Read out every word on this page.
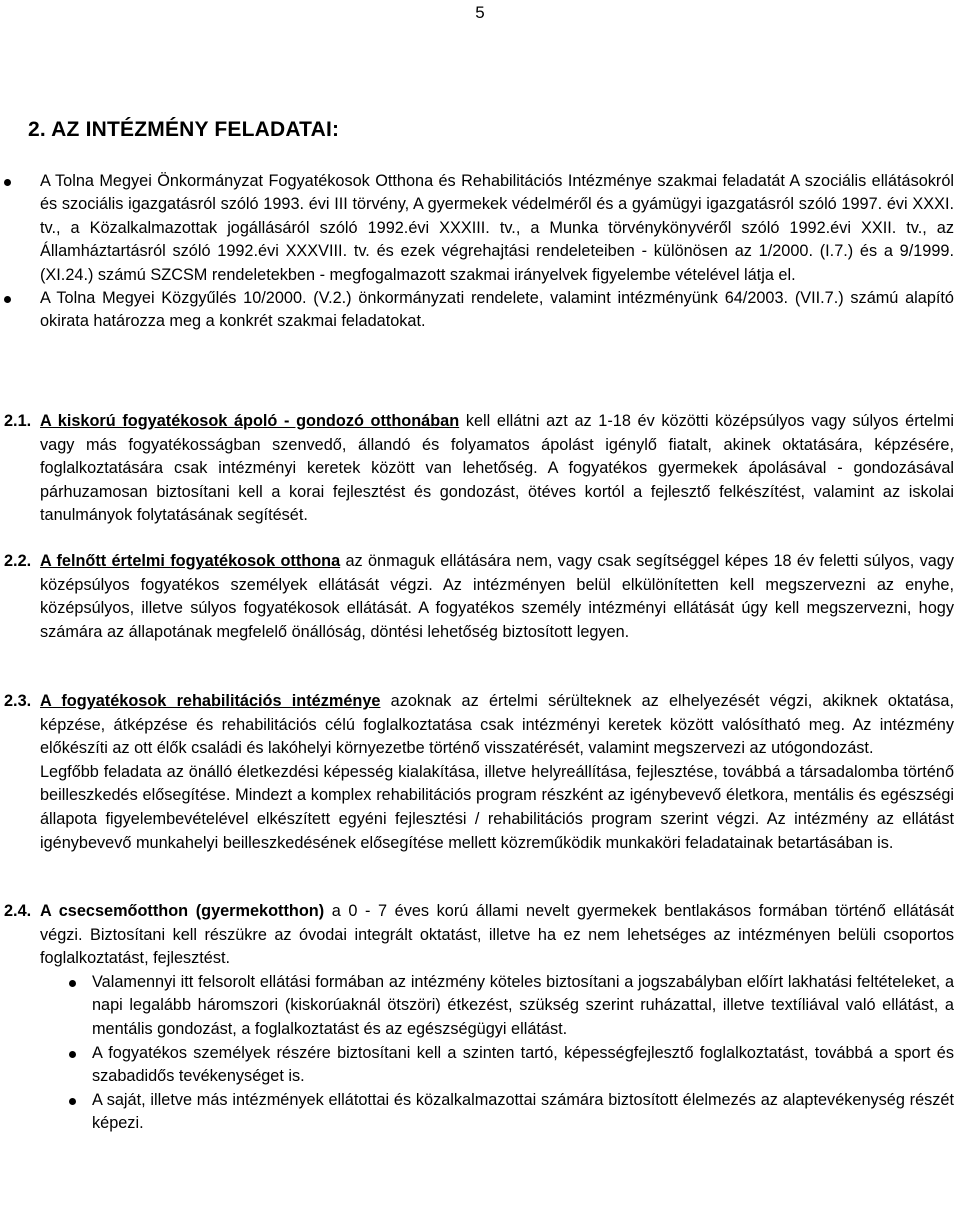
5
2. AZ INTÉZMÉNY FELADATAI:
A Tolna Megyei Önkormányzat Fogyatékosok Otthona és Rehabilitációs Intézménye szakmai feladatát A szociális ellátásokról és szociális igazgatásról szóló 1993. évi III törvény, A gyermekek védelméről és a gyámügyi igazgatásról szóló 1997. évi XXXI. tv., a Közalkalmazottak jogállásáról szóló 1992.évi XXXIII. tv., a Munka törvénykönyvéről szóló 1992.évi XXII. tv., az Államháztartásról szóló 1992.évi XXXVIII. tv. és ezek végrehajtási rendeleteiben - különösen az 1/2000. (I.7.) és a 9/1999. (XI.24.) számú SZCSM rendeletekben - megfogalmazott szakmai irányelvek figyelembe vételével látja el.
A Tolna Megyei Közgyűlés 10/2000. (V.2.) önkormányzati rendelete, valamint intézményünk 64/2003. (VII.7.) számú alapító okirata határozza meg a konkrét szakmai feladatokat.
2.1. A kiskorú fogyatékosok ápoló - gondozó otthonában kell ellátni azt az 1-18 év közötti középsúlyos vagy súlyos értelmi vagy más fogyatékosságban szenvedő, állandó és folyamatos ápolást igénylő fiatalt, akinek oktatására, képzésére, foglalkoztatására csak intézményi keretek között van lehetőség. A fogyatékos gyermekek ápolásával - gondozásával párhuzamosan biztosítani kell a korai fejlesztést és gondozást, ötéves kortól a fejlesztő felkészítést, valamint az iskolai tanulmányok folytatásának segítését.
2.2. A felnőtt értelmi fogyatékosok otthona az önmaguk ellátására nem, vagy csak segítséggel képes 18 év feletti súlyos, vagy középsúlyos fogyatékos személyek ellátását végzi. Az intézményen belül elkülönítetten kell megszervezni az enyhe, középsúlyos, illetve súlyos fogyatékosok ellátását. A fogyatékos személy intézményi ellátását úgy kell megszervezni, hogy számára az állapotának megfelelő önállóság, döntési lehetőség biztosított legyen.
2.3. A fogyatékosok rehabilitációs intézménye azoknak az értelmi sérülteknek az elhelyezését végzi, akiknek oktatása, képzése, átképzése és rehabilitációs célú foglalkoztatása csak intézményi keretek között valósítható meg. Az intézmény előkészíti az ott élők családi és lakóhelyi környezetbe történő visszatérését, valamint megszervezi az utógondozást.
Legfőbb feladata az önálló életkezdési képesség kialakítása, illetve helyreállítása, fejlesztése, továbbá a társadalomba történő beilleszkedés elősegítése. Mindezt a komplex rehabilitációs program részként az igénybevevő életkora, mentális és egészségi állapota figyelembevételével elkészített egyéni fejlesztési / rehabilitációs program szerint végzi. Az intézmény az ellátást igénybevevő munkahelyi beilleszkedésének elősegítése mellett közreműködik munkaköri feladatainak betartásában is.
2.4. A csecsemőotthon (gyermekotthon) a 0 - 7 éves korú állami nevelt gyermekek bentlakásos formában történő ellátását végzi. Biztosítani kell részükre az óvodai integrált oktatást, illetve ha ez nem lehetséges az intézményen belüli csoportos foglalkoztatást, fejlesztést.
Valamennyi itt felsorolt ellátási formában az intézmény köteles biztosítani a jogszabályban előírt lakhatási feltételeket, a napi legalább háromszori (kiskorúaknál ötszöri) étkezést, szükség szerint ruházattal, illetve textíliával való ellátást, a mentális gondozást, a foglalkoztatást és az egészségügyi ellátást.
A fogyatékos személyek részére biztosítani kell a szinten tartó, képességfejlesztő foglalkoztatást, továbbá a sport és szabadidős tevékenységet is.
A saját, illetve más intézmények ellátottai és közalkalmazottai számára biztosított élelmezés az alaptevékenység részét képezi.
